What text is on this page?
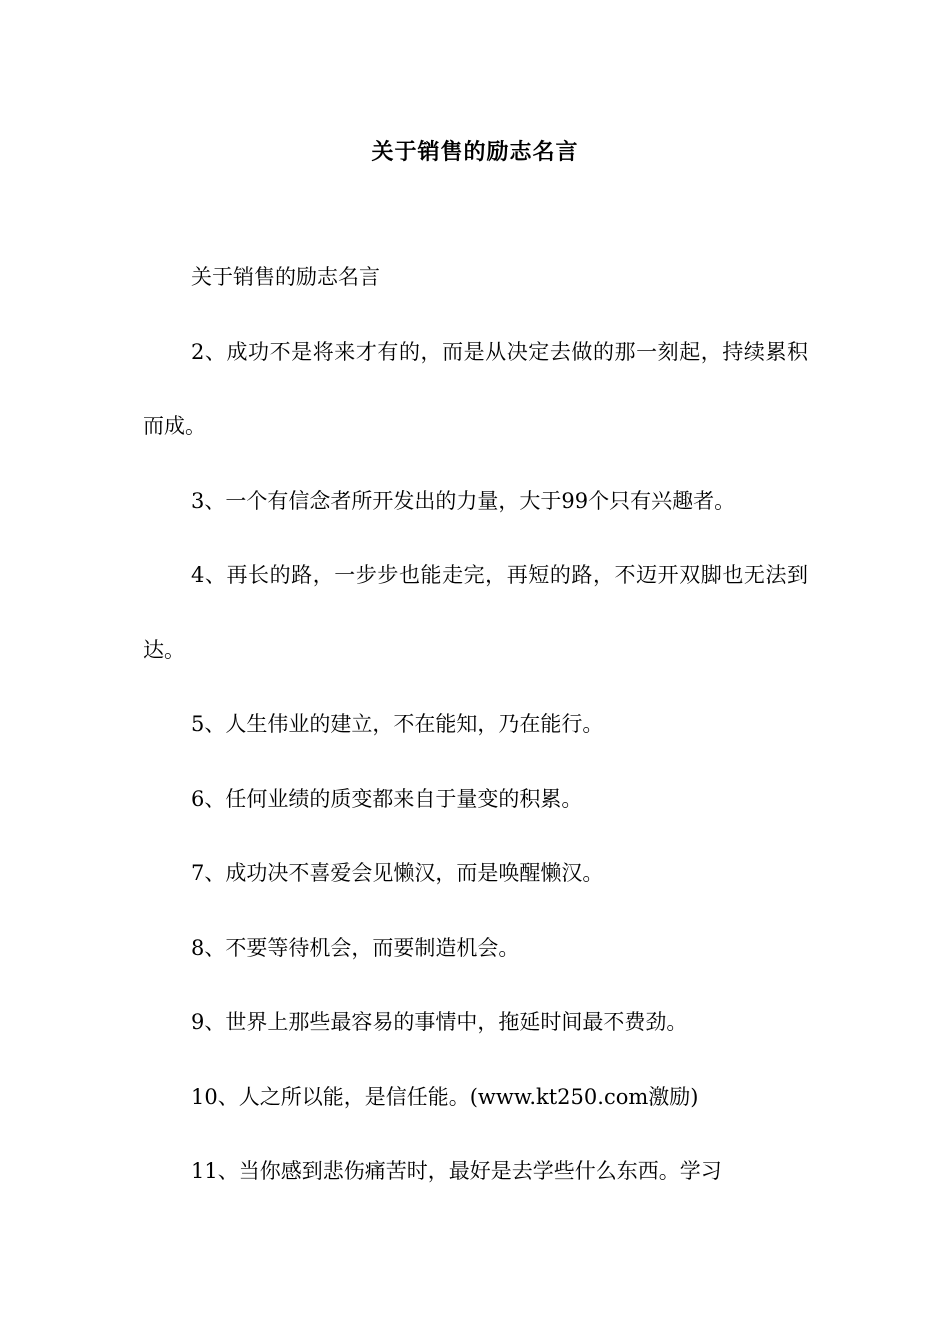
关于销售的励志名言

关于销售的励志名言

2、成功不是将来才有的，而是从决定去做的那一刻起，持续累积而成。

3、一个有信念者所开发出的力量，大于99个只有兴趣者。

4、再长的路，一步步也能走完，再短的路，不迈开双脚也无法到达。

5、人生伟业的建立，不在能知，乃在能行。

6、任何业绩的质变都来自于量变的积累。

7、成功决不喜爱会见懒汉，而是唤醒懒汉。

8、不要等待机会，而要制造机会。

9、世界上那些最容易的事情中，拖延时间最不费劲。

10、人之所以能，是信任能。(www.kt250.com激励)

11、当你感到悲伤痛苦时，最好是去学些什么东西。学习
